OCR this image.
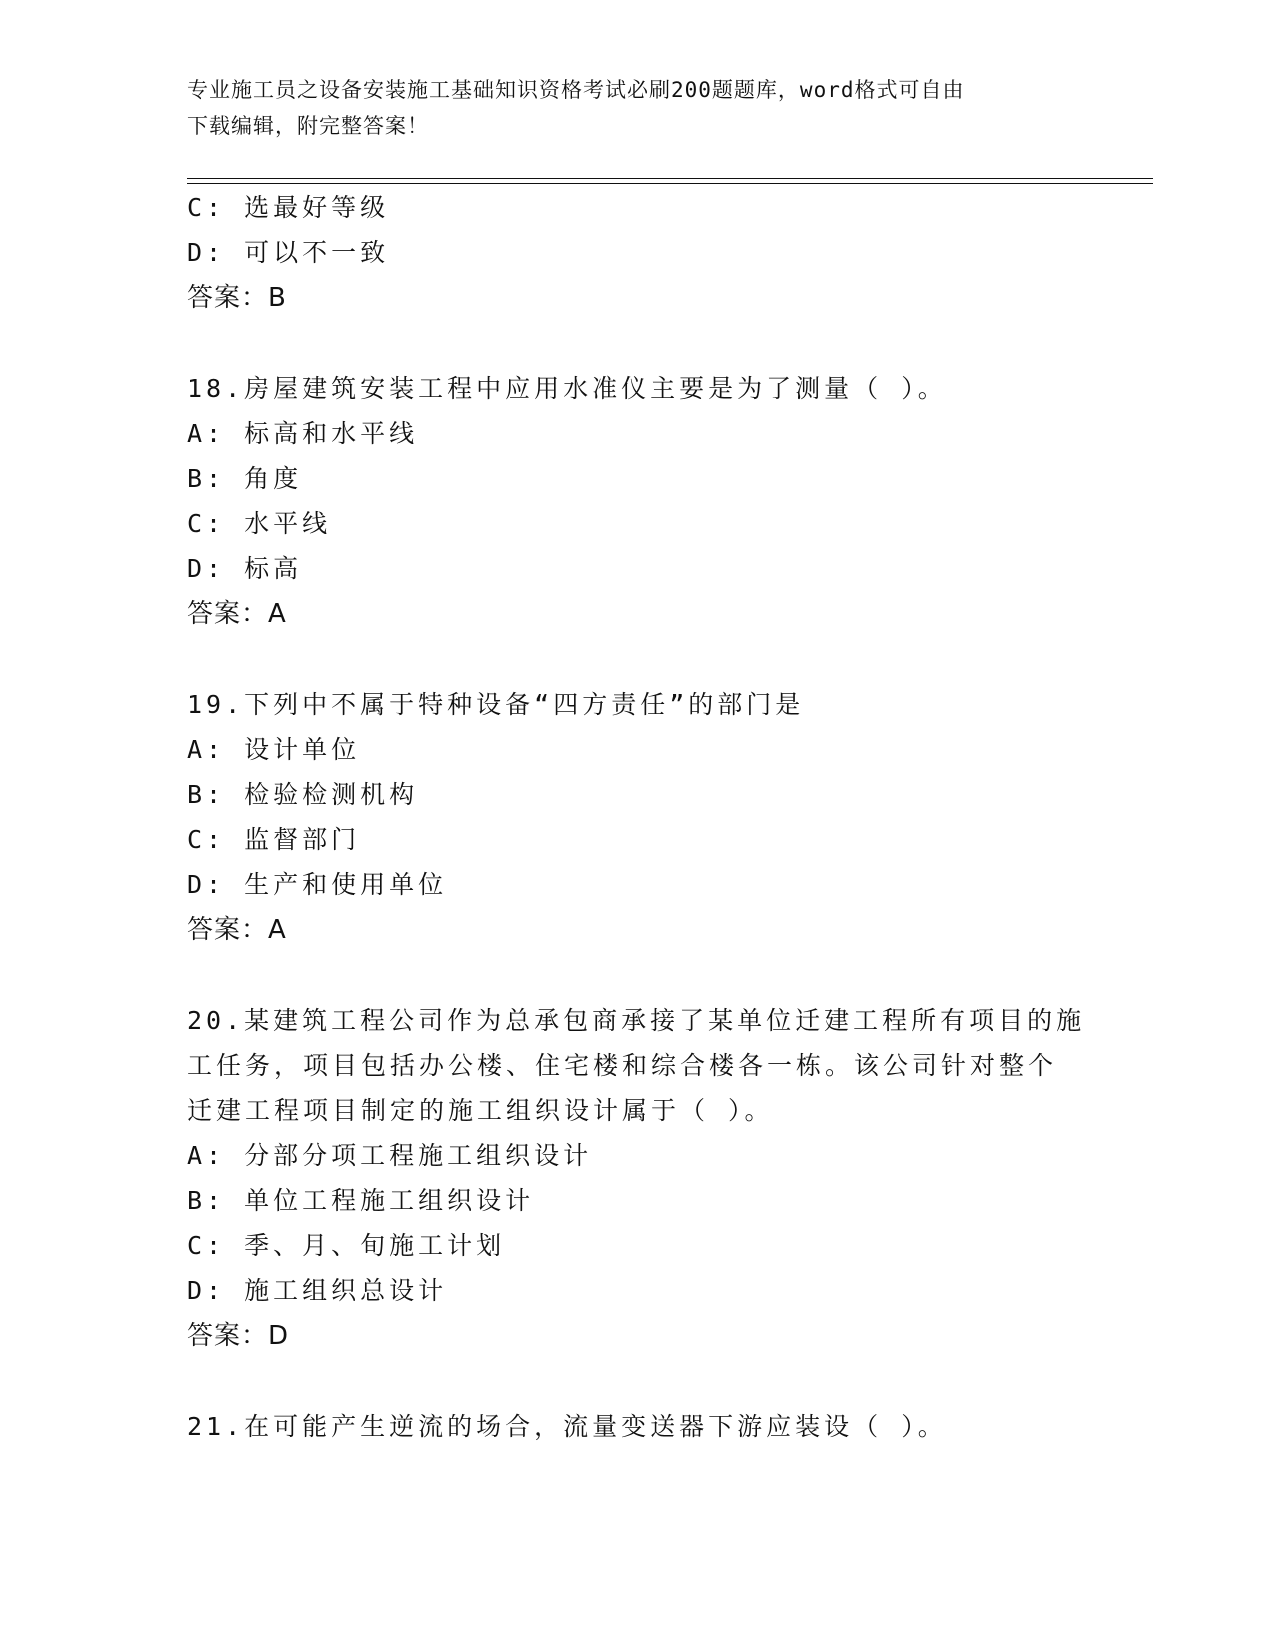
专业施工员之设备安装施工基础知识资格考试必刷200题题库，word格式可自由
下载编辑，附完整答案！
C: 选最好等级
D: 可以不一致
答案：B
18.房屋建筑安装工程中应用水准仪主要是为了测量（ ）。
A: 标高和水平线
B: 角度
C: 水平线
D: 标高
答案：A
19.下列中不属于特种设备“四方责任”的部门是
A: 设计单位
B: 检验检测机构
C: 监督部门
D: 生产和使用单位
答案：A
20.某建筑工程公司作为总承包商承接了某单位迁建工程所有项目的施
工任务，项目包括办公楼、住宅楼和综合楼各一栋。该公司针对整个
迁建工程项目制定的施工组织设计属于（ ）。
A: 分部分项工程施工组织设计
B: 单位工程施工组织设计
C: 季、月、旬施工计划
D: 施工组织总设计
答案：D
21.在可能产生逆流的场合，流量变送器下游应装设（ ）。
